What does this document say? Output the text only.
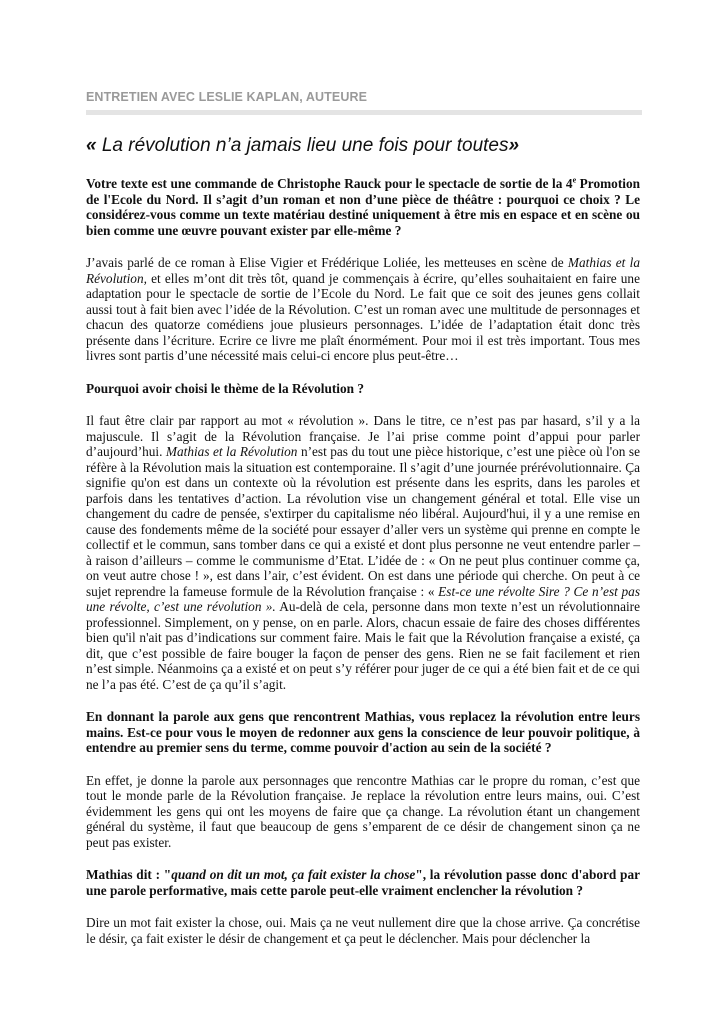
ENTRETIEN AVEC LESLIE KAPLAN, AUTEURE
« La révolution n’a jamais lieu une fois pour toutes»

Votre texte est une commande de Christophe Rauck pour le spectacle de sortie de la 4e Promotion de l'Ecole du Nord. Il s’agit d’un roman et non d’une pièce de théâtre : pourquoi ce choix ? Le considérez-vous comme un texte matériau destiné uniquement à être mis en espace et en scène ou bien comme une œuvre pouvant exister par elle-même ?

J’avais parlé de ce roman à Elise Vigier et Frédérique Loliée, les metteuses en scène de Mathias et la Révolution, et elles m’ont dit très tôt, quand je commençais à écrire, qu’elles souhaitaient en faire une adaptation pour le spectacle de sortie de l’Ecole du Nord. Le fait que ce soit des jeunes gens collait aussi tout à fait bien avec l’idée de la Révolution. C’est un roman avec une multitude de personnages et chacun des quatorze comédiens joue plusieurs personnages. L’idée de l’adaptation était donc très présente dans l’écriture. Ecrire ce livre me plaît énormément. Pour moi il est très important. Tous mes livres sont partis d’une nécessité mais celui-ci encore plus peut-être…

Pourquoi avoir choisi le thème de la Révolution ?

Il faut être clair par rapport au mot « révolution ». Dans le titre, ce n’est pas par hasard, s’il y a la majuscule. Il s’agit de la Révolution française. Je l’ai prise comme point d’appui pour parler d’aujourd’hui. Mathias et la Révolution n’est pas du tout une pièce historique, c’est une pièce où l'on se réfère à la Révolution mais la situation est contemporaine. Il s’agit d’une journée prérévolutionnaire. Ça signifie qu'on est dans un contexte où la révolution est présente dans les esprits, dans les paroles et parfois dans les tentatives d’action. La révolution vise un changement général et total. Elle vise un changement du cadre de pensée, s'extirper du capitalisme néo libéral. Aujourd'hui, il y a une remise en cause des fondements même de la société pour essayer d’aller vers un système qui prenne en compte le collectif et le commun, sans tomber dans ce qui a existé et dont plus personne ne veut entendre parler – à raison d’ailleurs – comme le communisme d’Etat. L’idée de : « On ne peut plus continuer comme ça, on veut autre chose ! », est dans l’air, c’est évident. On est dans une période qui cherche. On peut à ce sujet reprendre la fameuse formule de la Révolution française : « Est-ce une révolte Sire ? Ce n’est pas une révolte, c’est une révolution ». Au-delà de cela, personne dans mon texte n’est un révolutionnaire professionnel. Simplement, on y pense, on en parle. Alors, chacun essaie de faire des choses différentes bien qu'il n'ait pas d’indications sur comment faire. Mais le fait que la Révolution française a existé, ça dit, que c’est possible de faire bouger la façon de penser des gens. Rien ne se fait facilement et rien n’est simple. Néanmoins ça a existé et on peut s’y référer pour juger de ce qui a été bien fait et de ce qui ne l’a pas été. C’est de ça qu’il s’agit.

En donnant la parole aux gens que rencontrent Mathias, vous replacez la révolution entre leurs mains. Est-ce pour vous le moyen de redonner aux gens la conscience de leur pouvoir politique, à entendre au premier sens du terme, comme pouvoir d'action au sein de la société ?

En effet, je donne la parole aux personnages que rencontre Mathias car le propre du roman, c’est que tout le monde parle de la Révolution française. Je replace la révolution entre leurs mains, oui. C’est évidemment les gens qui ont les moyens de faire que ça change. La révolution étant un changement général du système, il faut que beaucoup de gens s’emparent de ce désir de changement sinon ça ne peut pas exister.

Mathias dit : "quand on dit un mot, ça fait exister la chose", la révolution passe donc d'abord par une parole performative, mais cette parole peut-elle vraiment enclencher la révolution ?

Dire un mot fait exister la chose, oui. Mais ça ne veut nullement dire que la chose arrive. Ça concrétise le désir, ça fait exister le désir de changement et ça peut le déclencher. Mais pour déclencher la
